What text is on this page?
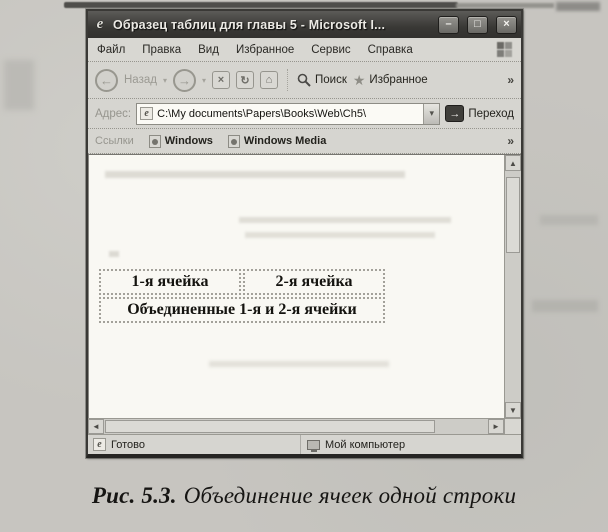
e Образец таблиц для главы 5 - Microsoft I...	–	□	×
Файл Правка Вид Избранное Сервис Справка
← Назад ▾ → ▾ × ↻ ⌂	Поиск ★ Избранное	»
Адрес:	e C:\My documents\Papers\Books\Web\Ch5\	▾	→ Переход
Ссылки	Windows	Windows Media	»
1-я ячейка	2-я ячейка
Объединенные 1-я и 2-я ячейки
▲
▼
◄	►
e Готово	Мой компьютер
Рис. 5.3. Объединение ячеек одной строки
